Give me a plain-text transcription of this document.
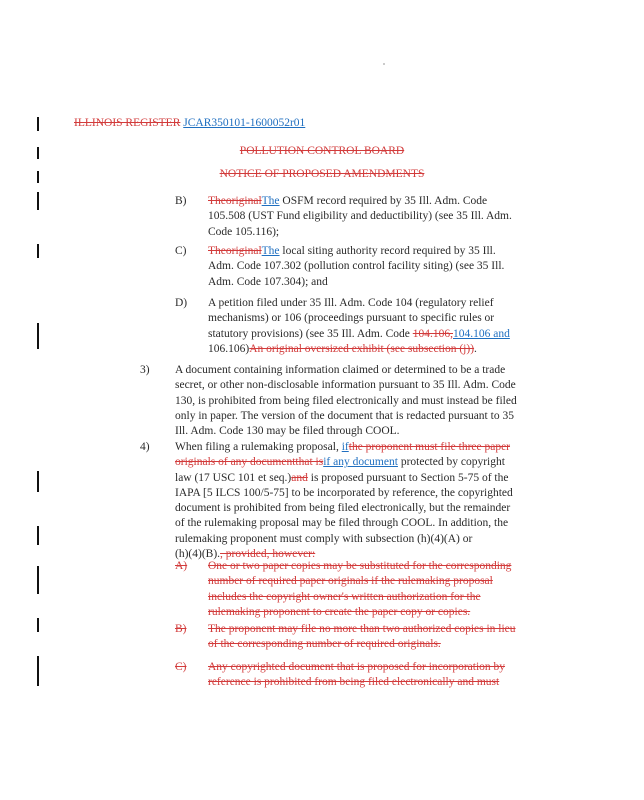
ILLINOIS REGISTER JCAR350101-1600052r01
POLLUTION CONTROL BOARD
NOTICE OF PROPOSED AMENDMENTS
B) TheoriginalThe OSFM record required by 35 Ill. Adm. Code
105.508 (UST Fund eligibility and deductibility) (see 35 Ill. Adm.
Code 105.116);
C) TheoriginalThe local siting authority record required by 35 Ill.
Adm. Code 107.302 (pollution control facility siting) (see 35 Ill.
Adm. Code 107.304); and
D) A petition filed under 35 Ill. Adm. Code 104 (regulatory relief
mechanisms) or 106 (proceedings pursuant to specific rules or
statutory provisions) (see 35 Ill. Adm. Code 104.106,104.106 and
106.106)An original oversized exhibit (see subsection (j)).
3) A document containing information claimed or determined to be a trade
secret, or other non-disclosable information pursuant to 35 Ill. Adm. Code
130, is prohibited from being filed electronically and must instead be filed
only in paper. The version of the document that is redacted pursuant to 35
Ill. Adm. Code 130 may be filed through COOL.
4) When filing a rulemaking proposal, ifthe proponent must file three paper
originals of any documentthat isif any document protected by copyright
law (17 USC 101 et seq.)and is proposed pursuant to Section 5-75 of the
IAPA [5 ILCS 100/5-75] to be incorporated by reference, the copyrighted
document is prohibited from being filed electronically, but the remainder
of the rulemaking proposal may be filed through COOL. In addition, the
rulemaking proponent must comply with subsection (h)(4)(A) or
(h)(4)(B)., provided, however:
A) One or two paper copies may be substituted for the corresponding
number of required paper originals if the rulemaking proposal
includes the copyright owner's written authorization for the
rulemaking proponent to create the paper copy or copies.
B) The proponent may file no more than two authorized copies in lieu
of the corresponding number of required originals.
C) Any copyrighted document that is proposed for incorporation by
reference is prohibited from being filed electronically and must
